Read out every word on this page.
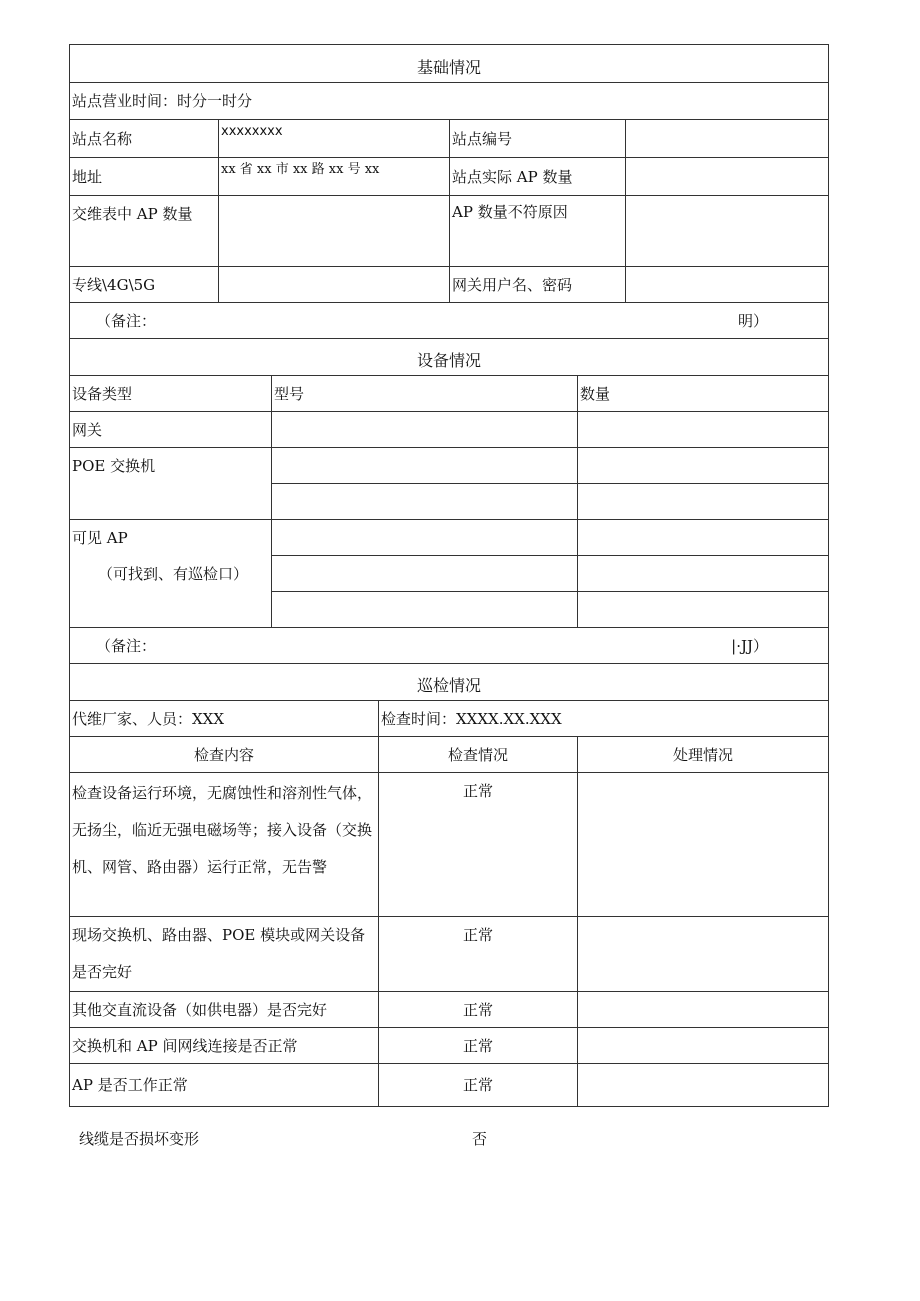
基础情况			
站点营业时间：时分一时分			
站点名称	xxxxxxxx	站点编号	
地址	xx 省 xx 市 xx 路 xx 号 xx	站点实际 AP 数量	
交维表中 AP 数量		AP 数量不符原因	
专线\4G\5G		网关用户名、密码	

（备注： 明）			
设备情况		
设备类型	型号	数量
网关		
POE 交换机		

可见 AP
（可找到、有巡检口）		

（备注： |·JJ）		
巡检情况		
代维厂家、人员：XXX	检查时间：XXXX.XX.XXX	
检查内容	检查情况	处理情况
检查设备运行环境，无腐蚀性和溶剂性气体，无扬尘，临近无强电磁场等；接入设备（交换机、网管、路由器）运行正常，无告警	正常	
现场交换机、路由器、POE 模块或网关设备是否完好	正常	
其他交直流设备（如供电器）是否完好	正常	
交换机和 AP 间网线连接是否正常	正常	
AP 是否工作正常	正常	
线缆是否损坏变形	否
